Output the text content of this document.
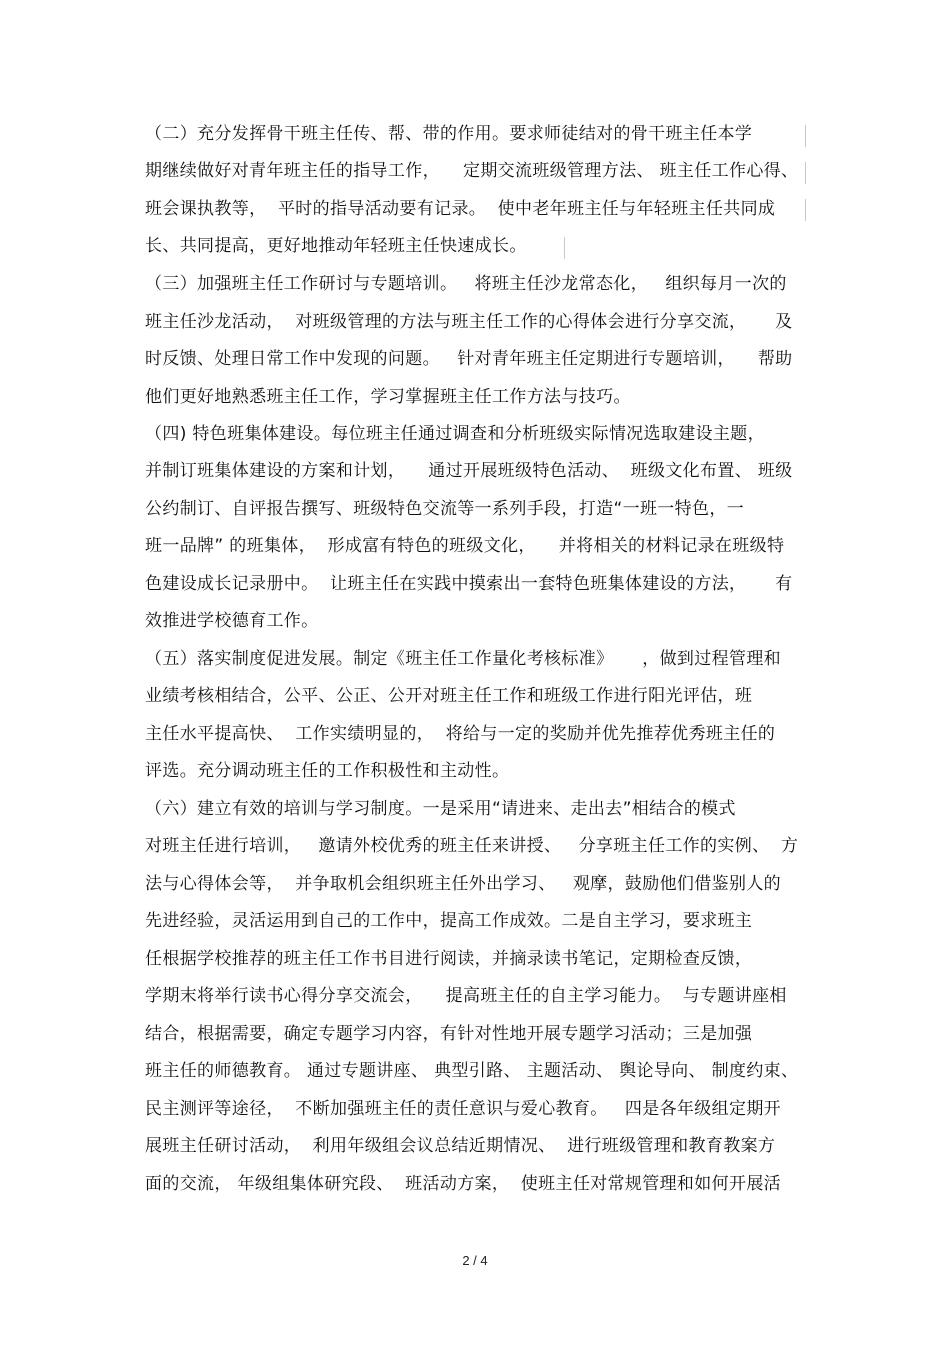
（二）充分发挥骨干班主任传、帮、带的作用。要求师徒结对的骨干班主任本学
期继续做好对青年班主任的指导工作，    定期交流班级管理方法、 班主任工作心得、
班会课执教等，  平时的指导活动要有记录。  使中老年班主任与年轻班主任共同成
长、共同提高，更好地推动年轻班主任快速成长。
（三）加强班主任工作研讨与专题培训。   将班主任沙龙常态化，   组织每月一次的
班主任沙龙活动，  对班级管理的方法与班主任工作的心得体会进行分享交流，     及
时反馈、处理日常工作中发现的问题。   针对青年班主任定期进行专题培训，    帮助
他们更好地熟悉班主任工作，学习掌握班主任工作方法与技巧。
（四) 特色班集体建设。每位班主任通过调查和分析班级实际情况选取建设主题，
并制订班集体建设的方案和计划，    通过开展班级特色活动、  班级文化布置、 班级
公约制订、自评报告撰写、班级特色交流等一系列手段，打造“一班一特色，一
班一品牌” 的班集体，  形成富有特色的班级文化，    并将相关的材料记录在班级特
色建设成长记录册中。  让班主任在实践中摸索出一套特色班集体建设的方法，     有
效推进学校德育工作。
（五）落实制度促进发展。制定《班主任工作量化考核标准》     ，做到过程管理和
业绩考核相结合，公平、公正、公开对班主任工作和班级工作进行阳光评估，班
主任水平提高快、  工作实绩明显的，  将给与一定的奖励并优先推荐优秀班主任的
评选。充分调动班主任的工作积极性和主动性。
（六）建立有效的培训与学习制度。一是采用“请进来、走出去”相结合的模式
对班主任进行培训，   邀请外校优秀的班主任来讲授、   分享班主任工作的实例、  方
法与心得体会等，  并争取机会组织班主任外出学习、   观摩，鼓励他们借鉴别人的
先进经验，灵活运用到自己的工作中，提高工作成效。二是自主学习，要求班主
任根据学校推荐的班主任工作书目进行阅读，并摘录读书笔记，定期检查反馈，
学期末将举行读书心得分享交流会，    提高班主任的自主学习能力。  与专题讲座相
结合，根据需要，确定专题学习内容，有针对性地开展专题学习活动；三是加强
班主任的师德教育。 通过专题讲座、 典型引路、 主题活动、 舆论导向、 制度约束、
民主测评等途径，  不断加强班主任的责任意识与爱心教育。   四是各年级组定期开
展班主任研讨活动，  利用年级组会议总结近期情况、  进行班级管理和教育教案方
面的交流， 年级组集体研究段、  班活动方案，  使班主任对常规管理和如何开展活
2 / 4
